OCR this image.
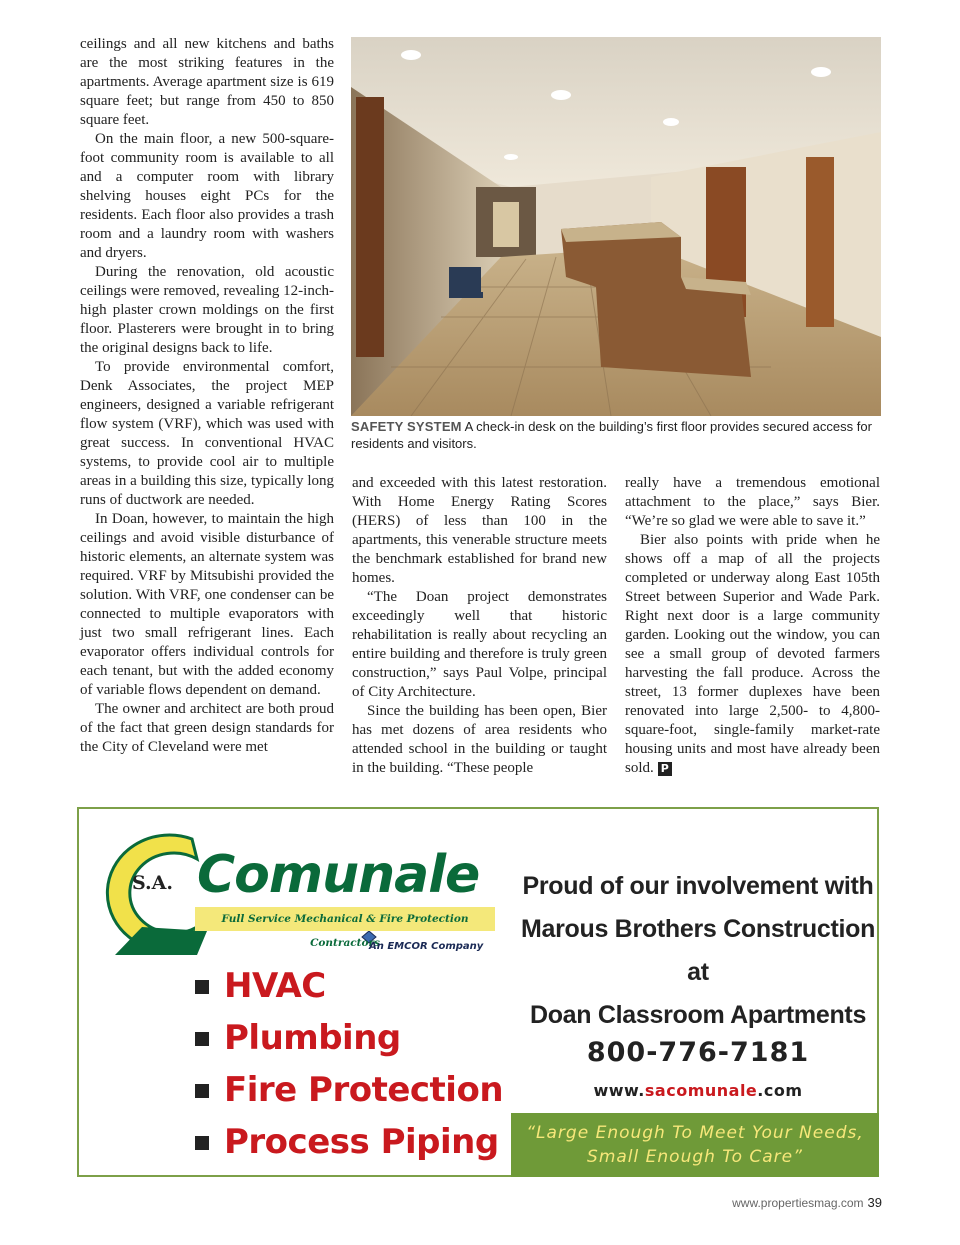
ceilings and all new kitchens and baths are the most striking features in the apartments. Average apartment size is 619 square feet; but range from 450 to 850 square feet.

On the main floor, a new 500-square-foot community room is available to all and a computer room with library shelving houses eight PCs for the residents. Each floor also provides a trash room and a laundry room with washers and dryers.

During the renovation, old acoustic ceilings were removed, revealing 12-inch-high plaster crown moldings on the first floor. Plasterers were brought in to bring the original designs back to life.

To provide environmental comfort, Denk Associates, the project MEP engineers, designed a variable refrigerant flow system (VRF), which was used with great success. In conventional HVAC systems, to provide cool air to multiple areas in a building this size, typically long runs of ductwork are needed.

In Doan, however, to maintain the high ceilings and avoid visible disturbance of historic elements, an alternate system was required. VRF by Mitsubishi provided the solution. With VRF, one condenser can be connected to multiple evaporators with just two small refrigerant lines. Each evaporator offers individual controls for each tenant, but with the added economy of variable flows dependent on demand.

The owner and architect are both proud of the fact that green design standards for the City of Cleveland were met

SAFETY SYSTEM A check-in desk on the building’s first floor provides secured access for residents and visitors.

and exceeded with this latest restoration. With Home Energy Rating Scores (HERS) of less than 100 in the apartments, this venerable structure meets the benchmark established for brand new homes.

“The Doan project demonstrates exceedingly well that historic rehabilitation is really about recycling an entire building and therefore is truly green construction,” says Paul Volpe, principal of City Architecture.

Since the building has been open, Bier has met dozens of area residents who attended school in the building or taught in the building. “These people

really have a tremendous emotional attachment to the place,” says Bier. “We’re so glad we were able to save it.”

Bier also points with pride when he shows off a map of all the projects completed or underway along East 105th Street between Superior and Wade Park. Right next door is a large community garden. Looking out the window, you can see a small group of devoted farmers harvesting the fall produce. Across the street, 13 former duplexes have been renovated into large 2,500- to 4,800-square-foot, single-family market-rate housing units and most have already been sold. P

S.A. Comunale
Full Service Mechanical & Fire Protection Contractors
An EMCOR Company
HVAC
Plumbing
Fire Protection
Process Piping
Proud of our involvement with
Marous Brothers Construction at
Doan Classroom Apartments
800-776-7181
www.sacomunale.com
“Large Enough To Meet Your Needs,
Small Enough To Care”
www.propertiesmag.com 39
